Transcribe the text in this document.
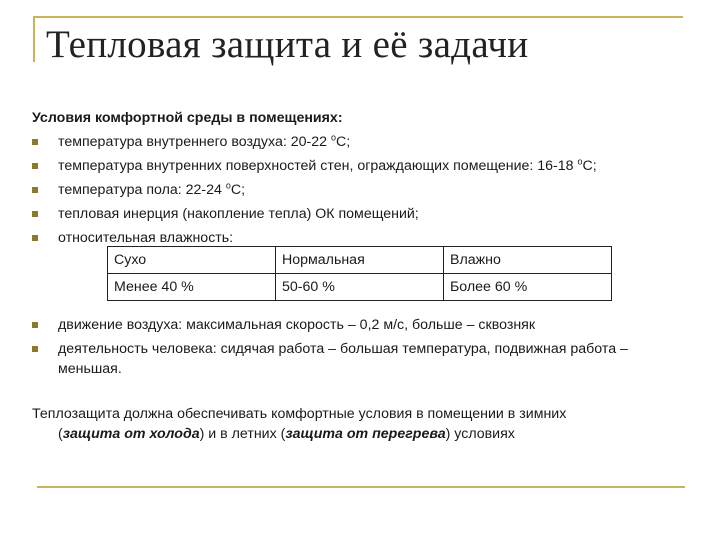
Тепловая защита и её задачи
Условия комфортной среды в помещениях:
температура внутреннего воздуха: 20-22 $^о$С;
температура внутренних поверхностей стен, ограждающих помещение: 16-18 $^о$С;
температура пола: 22-24 $^о$С;
тепловая инерция (накопление тепла) ОК помещений;
относительная влажность:
Сухо	Нормальная	Влажно
Менее 40 %	50-60 %	Более 60 %
движение воздуха: максимальная скорость – 0,2 м/с, больше – сквозняк
деятельность человека: сидячая работа – большая температура, подвижная работа – меньшая.
Теплозащита должна обеспечивать комфортные условия в помещении в зимних
(защита от холода) и в летних (защита от перегрева) условиях
